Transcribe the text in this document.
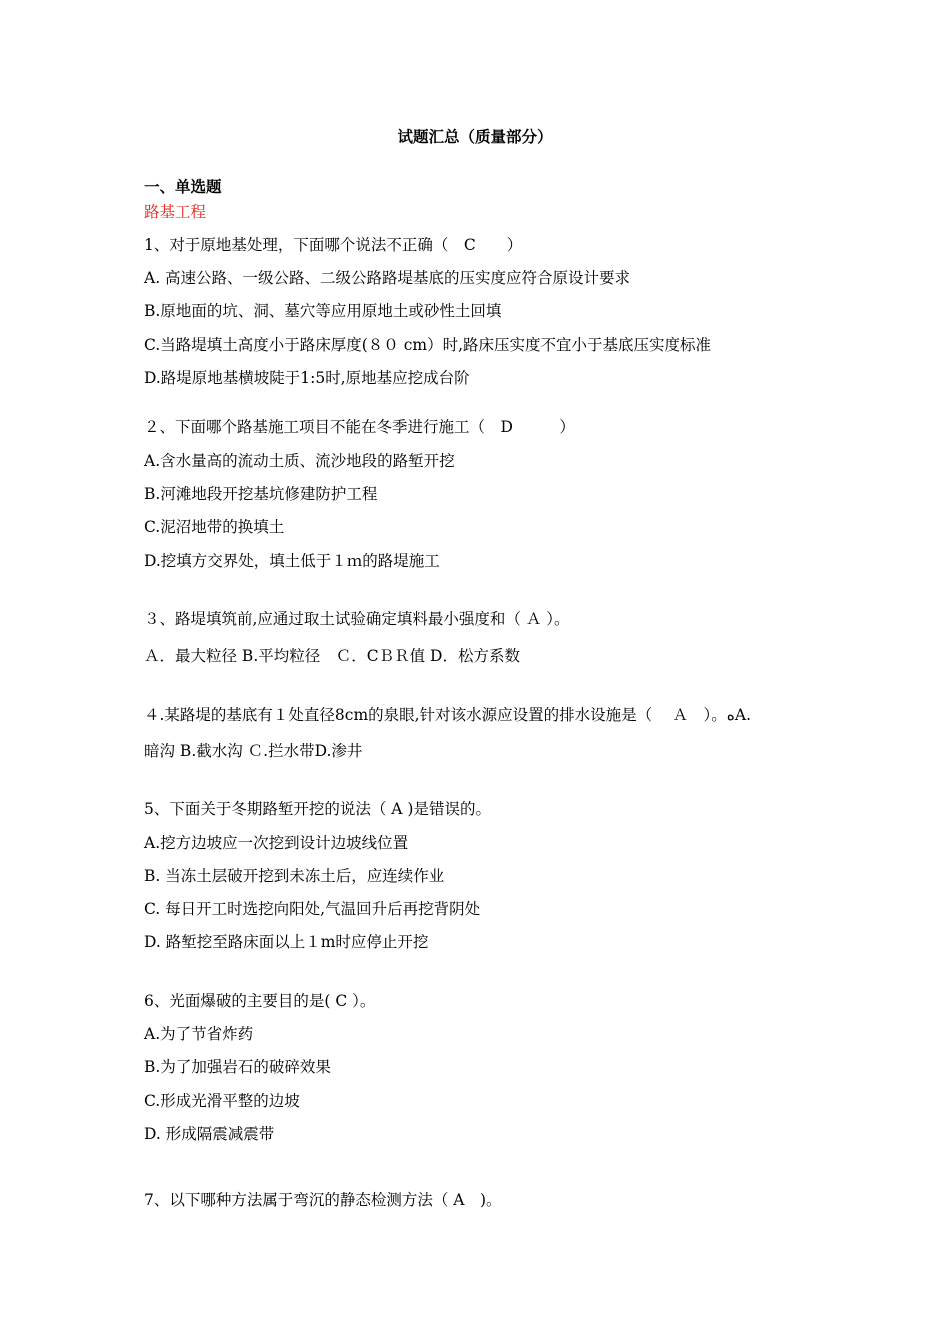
试题汇总（质量部分）

一、单选题

路基工程

1、对于原地基处理，下面哪个说法不正确（　C　　）

A. 高速公路、一级公路、二级公路路堤基底的压实度应符合原设计要求

B.原地面的坑、洞、墓穴等应用原地土或砂性土回填

C.当路堤填土高度小于路床厚度(８０ cm）时,路床压实度不宜小于基底压实度标准

D.路堤原地基横坡陡于1:5时,原地基应挖成台阶

２、下面哪个路基施工项目不能在冬季进行施工（　D　　　）

A.含水量高的流动土质、流沙地段的路堑开挖

B.河滩地段开挖基坑修建防护工程

C.泥沼地带的换填土

D.挖填方交界处，填土低于１ｍ的路堤施工

３、路堤填筑前,应通过取土试验确定填料最小强度和（ Ａ ）。

Ａ．最大粒径 B.平均粒径　Ｃ．CＢＲ值 D．松方系数

４.某路堤的基底有１处直径8cm的泉眼,针对该水源应设置的排水设施是（　 Ａ　）。ﻩA.

暗沟 B.截水沟 Ｃ.拦水带D.渗井

5、下面关于冬期路堑开挖的说法（ A )是错误的。

A.挖方边坡应一次挖到设计边坡线位置

B. 当冻土层破开挖到未冻土后，应连续作业

C. 每日开工时选挖向阳处,气温回升后再挖背阴处

D. 路堑挖至路床面以上１m时应停止开挖

6、光面爆破的主要目的是( C ）。

A.为了节省炸药

B.为了加强岩石的破碎效果

C.形成光滑平整的边坡

D. 形成隔震减震带

7、以下哪种方法属于弯沉的静态检测方法（ A　)。
